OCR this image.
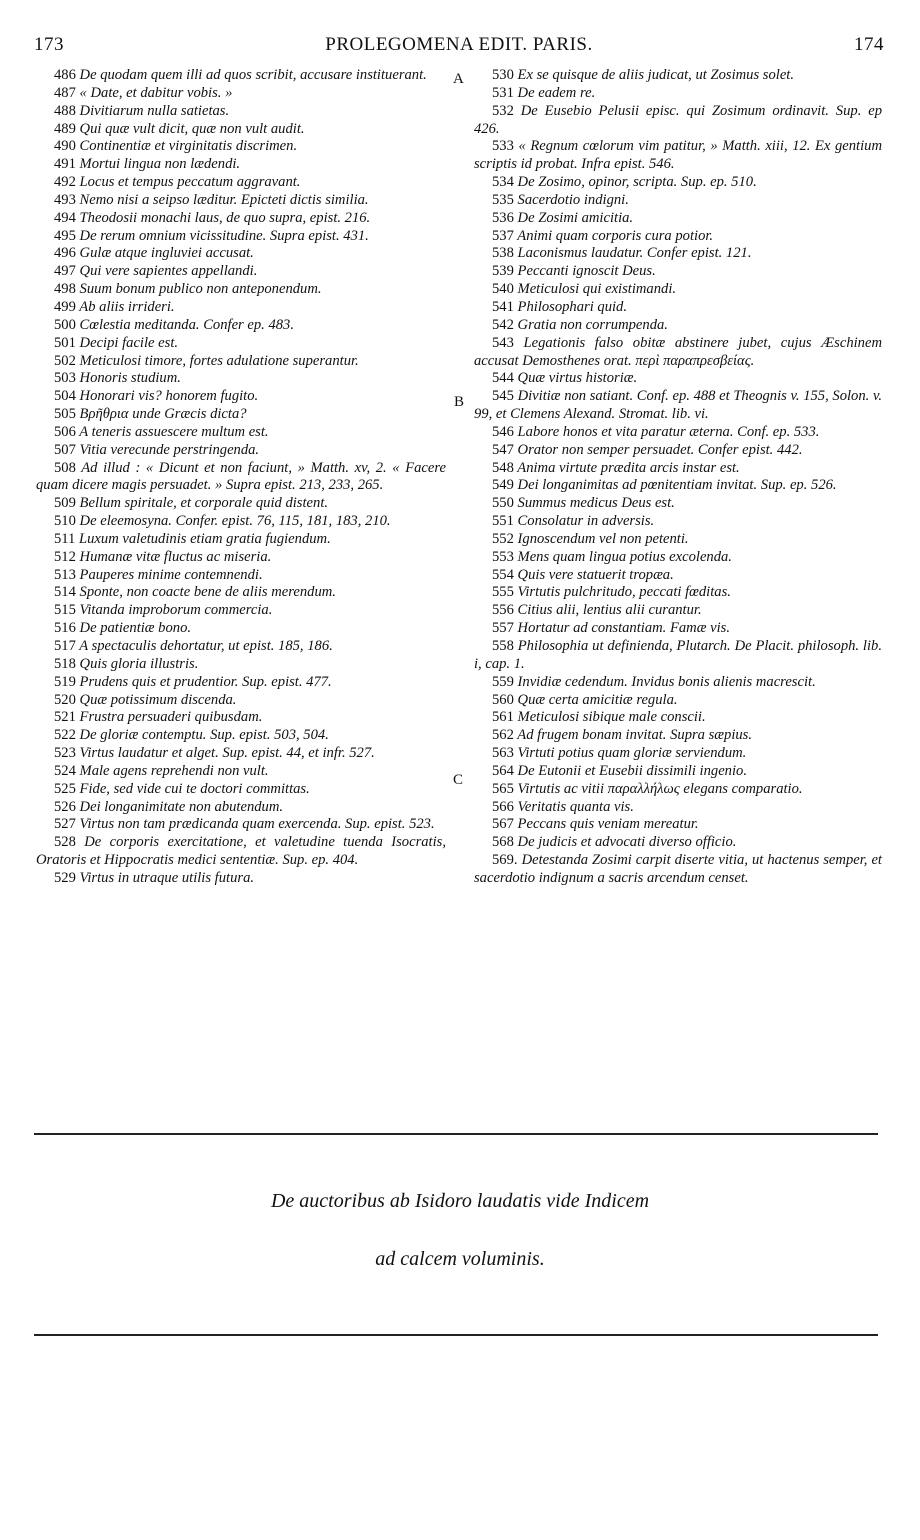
173	PROLEGOMENA EDIT. PARIS.	174

486 De quodam quem illi ad quos scribit, accusare instituerant.

487 « Date, et dabitur vobis. »

488 Divitiarum nulla satietas.

489 Qui quæ vult dicit, quæ non vult audit.

490 Continentiæ et virginitatis discrimen.

491 Mortui lingua non lædendi.

492 Locus et tempus peccatum aggravant.

493 Nemo nisi a seipso læditur. Epicteti dictis similia.

494 Theodosii monachi laus, de quo supra, epist. 216.

495 De rerum omnium vicissitudine. Supra epist. 431.

496 Gulæ atque ingluviei accusat.

497 Qui vere sapientes appellandi.

498 Suum bonum publico non anteponendum.

499 Ab aliis irrideri.

500 Cœlestia meditanda. Confer ep. 483.

501 Decipi facile est.

502 Meticulosi timore, fortes adulatione superantur.

503 Honoris studium.

504 Honorari vis? honorem fugito.

505 Βρῆθρια unde Græcis dicta?

506 A teneris assuescere multum est.

507 Vitia verecunde perstringenda.

508 Ad illud : « Dicunt et non faciunt, » Matth. xv, 2. « Facere quam dicere magis persuadet. » Supra epist. 213, 233, 265.

509 Bellum spiritale, et corporale quid distent.

510 De eleemosyna. Confer. epist. 76, 115, 181, 183, 210.

511 Luxum valetudinis etiam gratia fugiendum.

512 Humanæ vitæ fluctus ac miseria.

513 Pauperes minime contemnendi.

514 Sponte, non coacte bene de aliis merendum.

515 Vitanda improborum commercia.

516 De patientiæ bono.

517 A spectaculis dehortatur, ut epist. 185, 186.

518 Quis gloria illustris.

519 Prudens quis et prudentior. Sup. epist. 477.

520 Quæ potissimum discenda.

521 Frustra persuaderi quibusdam.

522 De gloriæ contemptu. Sup. epist. 503, 504.

523 Virtus laudatur et alget. Sup. epist. 44, et infr. 527.

524 Male agens reprehendi non vult.

525 Fide, sed vide cui te doctori committas.

526 Dei longanimitate non abutendum.

527 Virtus non tam prædicanda quam exercenda. Sup. epist. 523.

528 De corporis exercitatione, et valetudine tuenda Isocratis, Oratoris et Hippocratis medici sententiæ. Sup. ep. 404.

529 Virtus in utraque utilis futura.

530 Ex se quisque de aliis judicat, ut Zosimus solet.

531 De eadem re.

532 De Eusebio Pelusii episc. qui Zosimum ordinavit. Sup. ep 426.

533 « Regnum cœlorum vim patitur, » Matth. xiii, 12. Ex gentium scriptis id probat. Infra epist. 546.

534 De Zosimo, opinor, scripta. Sup. ep. 510.

535 Sacerdotio indigni.

536 De Zosimi amicitia.

537 Animi quam corporis cura potior.

538 Laconismus laudatur. Confer epist. 121.

539 Peccanti ignoscit Deus.

540 Meticulosi qui existimandi.

541 Philosophari quid.

542 Gratia non corrumpenda.

543 Legationis falso obitæ abstinere jubet, cujus Æschinem accusat Demosthenes orat. περὶ παραπρεσβείας.

544 Quæ virtus historiæ.

545 Divitiæ non satiant. Conf. ep. 488 et Theognis v. 155, Solon. v. 99, et Clemens Alexand. Stromat. lib. vi.

546 Labore honos et vita paratur æterna. Conf. ep. 533.

547 Orator non semper persuadet. Confer epist. 442.

548 Anima virtute prædita arcis instar est.

549 Dei longanimitas ad pœnitentiam invitat. Sup. ep. 526.

550 Summus medicus Deus est.

551 Consolatur in adversis.

552 Ignoscendum vel non petenti.

553 Mens quam lingua potius excolenda.

554 Quis vere statuerit tropæa.

555 Virtutis pulchritudo, peccati fœditas.

556 Citius alii, lentius alii curantur.

557 Hortatur ad constantiam. Famæ vis.

558 Philosophia ut definienda, Plutarch. De Placit. philosoph. lib. i, cap. 1.

559 Invidiæ cedendum. Invidus bonis alienis macrescit.

560 Quæ certa amicitiæ regula.

561 Meticulosi sibique male conscii.

562 Ad frugem bonam invitat. Supra sæpius.

563 Virtuti potius quam gloriæ serviendum.

564 De Eutonii et Eusebii dissimili ingenio.

565 Virtutis ac vitii παραλλήλως elegans comparatio.

566 Veritatis quanta vis.

567 Peccans quis veniam mereatur.

568 De judicis et advocati diverso officio.

569. Detestanda Zosimi carpit diserte vitia, ut hactenus semper, et sacerdotio indignum a sacris arcendum censet.

A
B
C
De auctoribus ab Isidoro laudatis vide Indicem
ad calcem voluminis.
